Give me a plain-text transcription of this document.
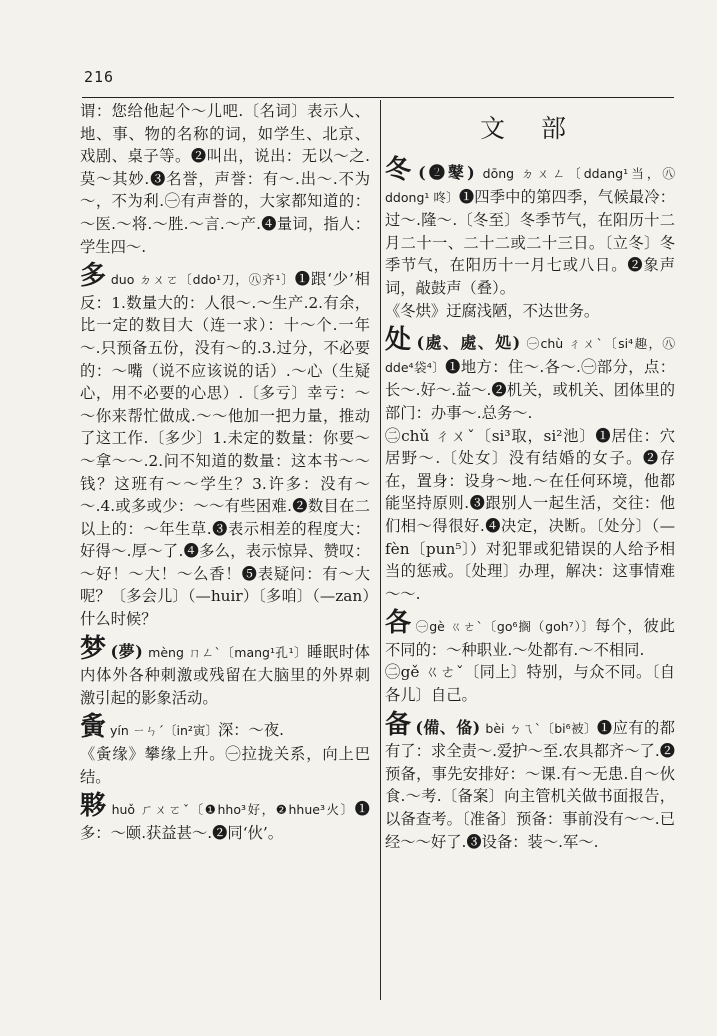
216

谓：您给他起个～儿吧.〔名词〕表示人、地、事、物的名称的词，如学生、北京、戏剧、桌子等。❷叫出，说出：无以～之.莫～其妙.❸名誉，声誉：有～.出～.不为～，不为利.㊀有声誉的，大家都知道的：～医.～将.～胜.～言.～产.❹量词，指人：学生四～.

多duo ㄉㄨㄛ〔ddo¹刀，㊇齐¹〕❶跟‘少’相反：1.数量大的：人很～.～生产.2.有余，比一定的数目大（连一求）：十～个.一年～.只预备五份，没有～的.3.过分，不必要的：～嘴（说不应该说的话）.～心（生疑心，用不必要的心思）.〔多亏〕幸亏：～～你来帮忙做成.～～他加一把力量，推动了这工作.〔多少〕1.未定的数量：你要～～拿～～.2.问不知道的数量：这本书～～钱？这班有～～学生？3.许多：没有～～.4.或多或少：～～有些困难.❷数目在二以上的：～年生草.❸表示相差的程度大：好得～.厚～了.❹多么，表示惊异、赞叹：～好！～大！～么香！❺表疑问：有～大呢？〔多会儿〕（—huir）〔多咱〕（—zan）什么时候？

梦 (夢) mèng ㄇㄥˋ〔mang¹孔¹〕睡眠时体内体外各种刺激或残留在大脑里的外界刺激引起的影象活动。

夤yín ㄧㄣˊ〔in²寅〕深：～夜.

《夤缘》攀缘上升。㊀拉拢关系，向上巴结。

夥huǒ ㄏㄨㄛˇ〔❶hho³好，❷hhue³火〕❶多：～颐.获益甚～.❷同‘伙’。

文 部

冬 (❷鼕) dōng ㄉㄨㄥ〔ddang¹当，㊇ddong¹ 咚〕❶四季中的第四季，气候最冷：过～.隆～.〔冬至〕冬季节气，在阳历十二月二十一、二十二或二十三日。〔立冬〕冬季节气，在阳历十一月七或八日。❷象声词，敲鼓声（叠）。

《冬烘》迂腐浅陋，不达世务。

处 (處、處、処) ㊀chù ㄔㄨˋ〔si⁴趣，㊇dde⁴袋⁴〕❶地方：住～.各～.㊀部分，点：长～.好～.益～.❷机关，或机关、团体里的部门：办事～.总务～.

㊁chǔ ㄔㄨˇ〔si³取，si²池〕❶居住：穴居野～.〔处女〕没有结婚的女子。❷存在，置身：设身～地.～在任何环境，他都能坚持原则.❸跟别人一起生活，交往：他们相～得很好.❹决定，决断。〔处分〕（—fèn〔pun⁵〕）对犯罪或犯错误的人给予相当的惩戒。〔处理〕办理，解决：这事情难～～.

各 ㊀gè ㄍㄜˋ〔go⁶搁（goh⁷）〕每个，彼此不同的：～种职业.～处都有.～不相同.

㊁gě ㄍㄜˇ〔同上〕特别，与众不同。〔自各儿〕自己。

备 (備、俻) bèi ㄅㄟˋ〔bi⁶被〕❶应有的都有了：求全责～.爱护～至.农具都齐～了.❷预备，事先安排好：～课.有～无患.自～伙食.～考.〔备案〕向主管机关做书面报告，以备查考。〔准备〕预备：事前没有～～.已经～～好了.❸设备：装～.军～.
